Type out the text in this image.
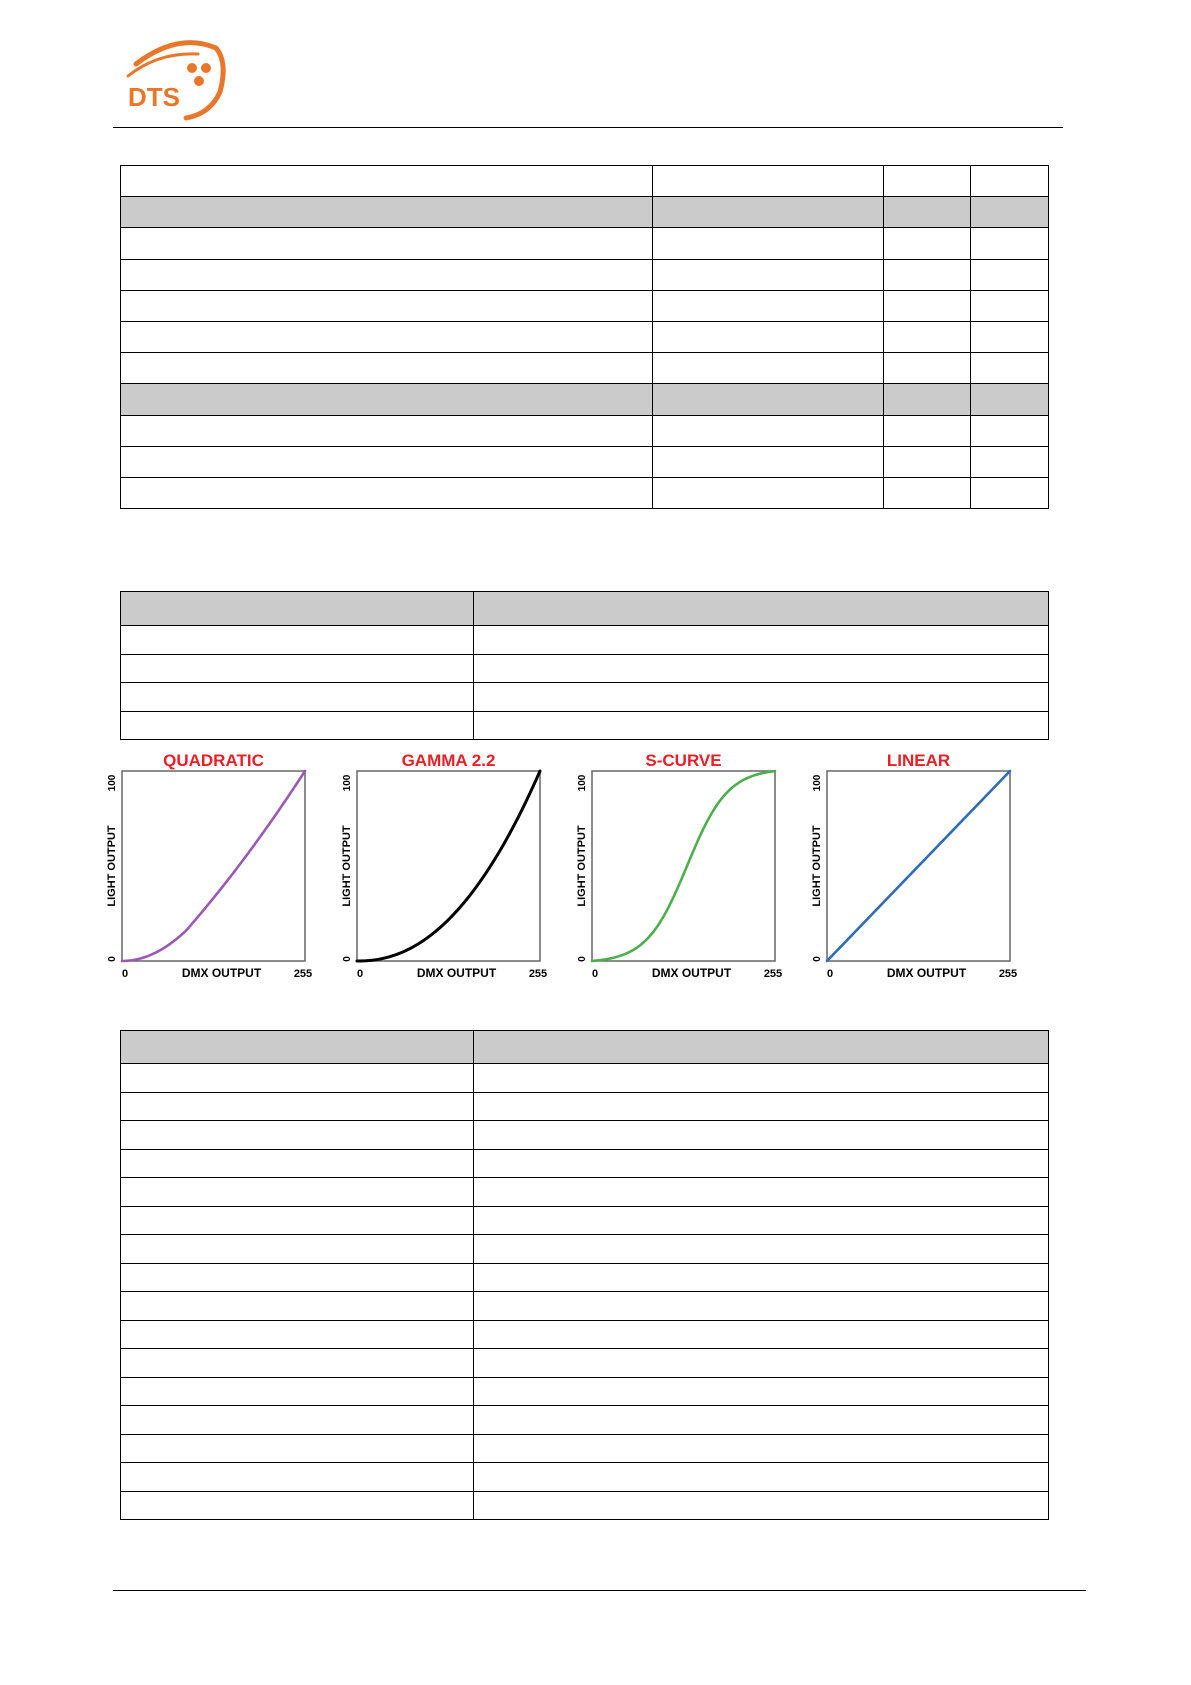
DTS

QUADRATIC
LIGHT OUTPUT
100
0
0	255
DMX OUTPUT
GAMMA 2.2
LIGHT OUTPUT
100
0
0	255
DMX OUTPUT
S-CURVE
LIGHT OUTPUT
100
0
0	255
DMX OUTPUT
LINEAR
LIGHT OUTPUT
100
0
0	255
DMX OUTPUT
